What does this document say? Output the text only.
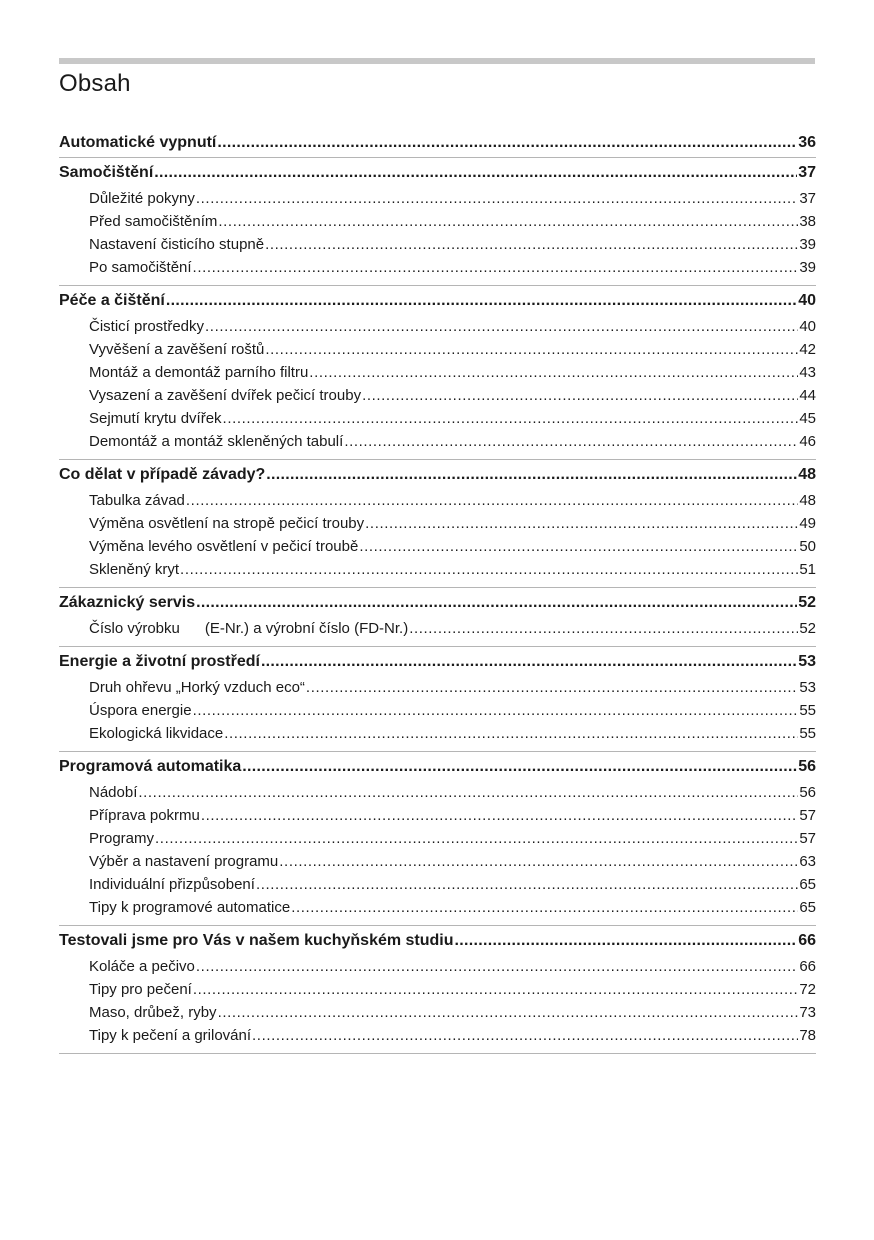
Obsah
Automatické vypnutí .....	36
Samočištění .....	37
Důležité pokyny .....	37
Před samočištěním .....	38
Nastavení čisticího stupně .....	39
Po samočištění .....	39
Péče a čištění .....	40
Čisticí prostředky .....	40
Vyvěšení a zavěšení roštů .....	42
Montáž a demontáž parního filtru .....	43
Vysazení a zavěšení dvířek pečicí trouby .....	44
Sejmutí krytu dvířek .....	45
Demontáž a montáž skleněných tabulí .....	46
Co dělat v případě závady? .....	48
Tabulka závad .....	48
Výměna osvětlení na stropě pečicí trouby .....	49
Výměna levého osvětlení v pečicí troubě .....	50
Skleněný kryt .....	51
Zákaznický servis .....	52
Číslo výrobku      (E-Nr.) a výrobní číslo (FD-Nr.) .....	52
Energie a životní prostředí .....	53
Druh ohřevu „Horký vzduch eco“ .....	53
Úspora energie .....	55
Ekologická likvidace .....	55
Programová automatika .....	56
Nádobí .....	56
Příprava pokrmu .....	57
Programy .....	57
Výběr a nastavení programu .....	63
Individuální přizpůsobení .....	65
Tipy k programové automatice .....	65
Testovali jsme pro Vás v našem kuchyňském studiu .....	66
Koláče a pečivo .....	66
Tipy pro pečení .....	72
Maso, drůbež, ryby .....	73
Tipy k pečení a grilování .....	78
